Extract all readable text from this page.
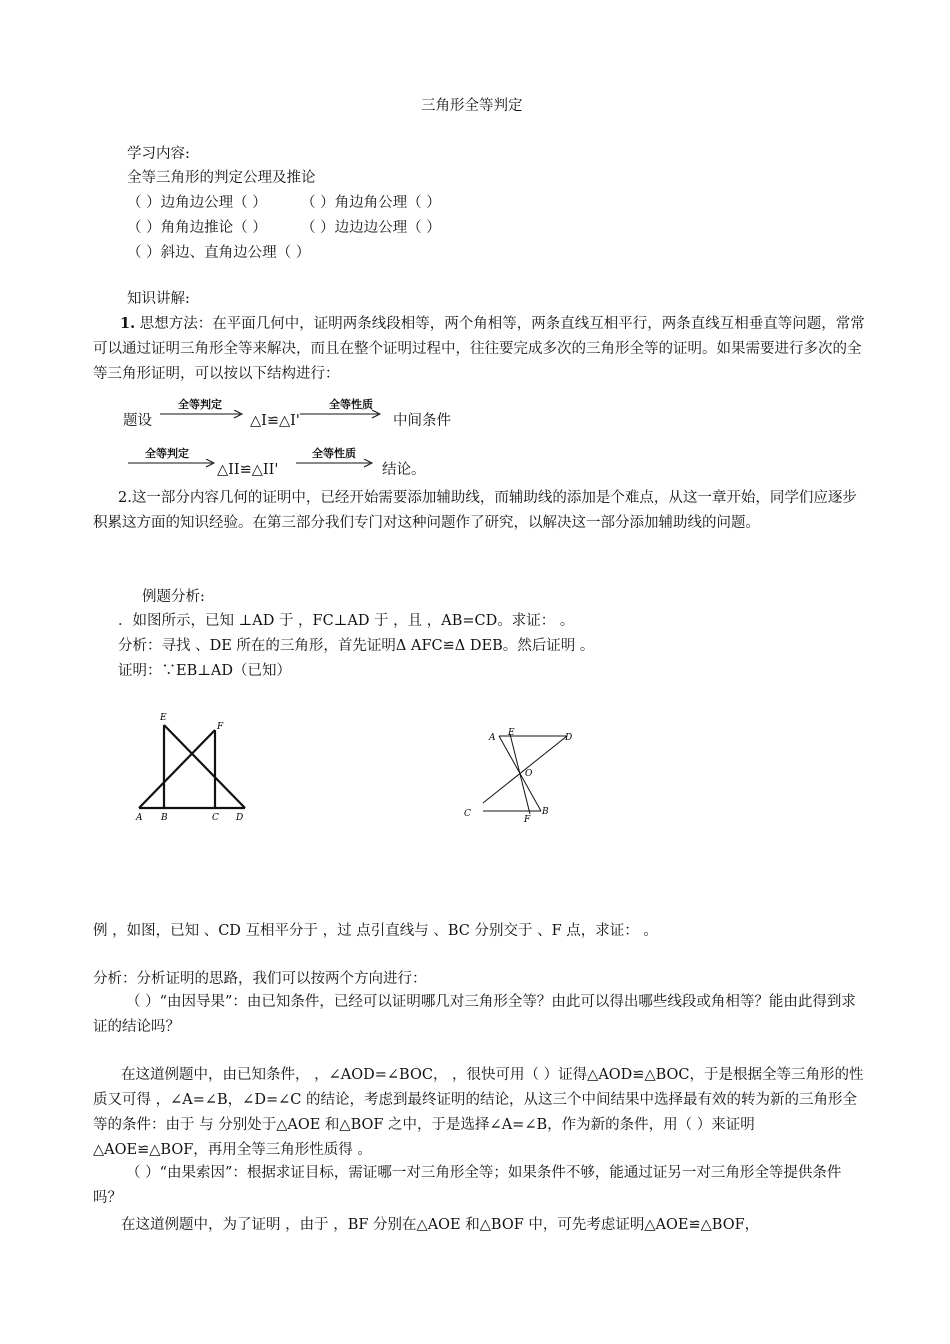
三角形全等判定
学习内容:
全等三角形的判定公理及推论
（ ）边角边公理（ ） （ ）角边角公理（ ）
（ ）角角边推论（ ） （ ）边边边公理（ ）
（ ）斜边、直角边公理（ ）
知识讲解:
1. 思想方法：在平面几何中，证明两条线段相等，两个角相等，两条直线互相平行，两条直线互相垂直等问题，常常可以通过证明三角形全等来解决，而且在整个证明过程中，往往要完成多次的三角形全等的证明。如果需要进行多次的全等三角形证明，可以按以下结构进行：
题设
全等判定
△I≌△I'
全等性质
中间条件
全等判定
△II≌△II'
全等性质
结论。
2.这一部分内容几何的证明中，已经开始需要添加辅助线，而辅助线的添加是个难点，从这一章开始，同学们应逐步积累这方面的知识经验。在第三部分我们专门对这种问题作了研究，以解决这一部分添加辅助线的问题。
例题分析:
．如图所示，已知 ⊥AD 于 ，FC⊥AD 于 ，且 ，AB=CD。求证： 。
分析：寻找 、DE 所在的三角形，首先证明Δ AFC≌Δ DEB。然后证明 。
证明：∵EB⊥AD（已知）
E
F
A B	C D
A E	D
O
B
F
C
例 ，如图，已知 、CD 互相平分于 ，过 点引直线与 、BC 分别交于 、F 点，求证： 。
分析：分析证明的思路，我们可以按两个方向进行：
（ ）“由因导果”：由已知条件，已经可以证明哪几对三角形全等？由此可以得出哪些线段或角相等？能由此得到求证的结论吗？
在这道例题中，由已知条件， ，∠AOD=∠BOC， ，很快可用（ ）证得△AOD≌△BOC，于是根据全等三角形的性质又可得 ，∠A=∠B，∠D=∠C 的结论，考虑到最终证明的结论，从这三个中间结果中选择最有效的转为新的三角形全等的条件：由于 与 分别处于△AOE 和△BOF 之中，于是选择∠A=∠B，作为新的条件，用（ ）来证明△AOE≌△BOF，再用全等三角形性质得 。
（ ）“由果索因”：根据求证目标，需证哪一对三角形全等；如果条件不够，能通过证另一对三角形全等提供条件吗？
在这道例题中，为了证明 ，由于 ，BF 分别在△AOE 和△BOF 中，可先考虑证明△AOE≌△BOF，
